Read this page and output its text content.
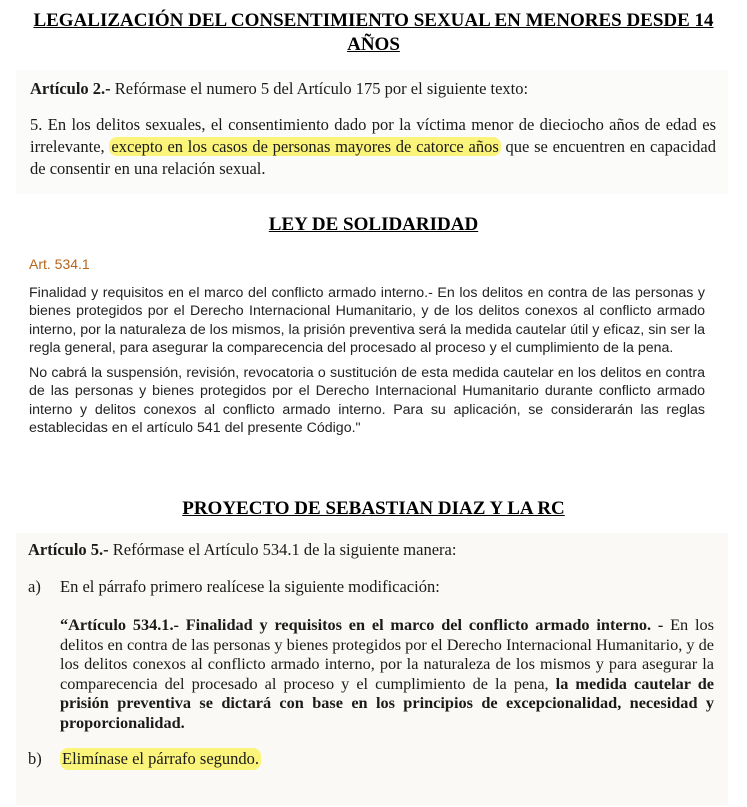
LEGALIZACIÓN DEL CONSENTIMIENTO SEXUAL EN MENORES DESDE 14 AÑOS

Artículo 2.- Refórmase el numero 5 del Artículo 175 por el siguiente texto:

5. En los delitos sexuales, el consentimiento dado por la víctima menor de dieciocho años de edad es irrelevante, excepto en los casos de personas mayores de catorce años que se encuentren en capacidad de consentir en una relación sexual.

LEY DE SOLIDARIDAD

Art. 534.1

Finalidad y requisitos en el marco del conflicto armado interno.- En los delitos en contra de las personas y bienes protegidos por el Derecho Internacional Humanitario, y de los delitos conexos al conflicto armado interno, por la naturaleza de los mismos, la prisión preventiva será la medida cautelar útil y eficaz, sin ser la regla general, para asegurar la comparecencia del procesado al proceso y el cumplimiento de la pena.

No cabrá la suspensión, revisión, revocatoria o sustitución de esta medida cautelar en los delitos en contra de las personas y bienes protegidos por el Derecho Internacional Humanitario durante conflicto armado interno y delitos conexos al conflicto armado interno. Para su aplicación, se considerarán las reglas establecidas en el artículo 541 del presente Código."

PROYECTO DE SEBASTIAN DIAZ Y LA RC

Artículo 5.- Refórmase el Artículo 534.1 de la siguiente manera:

a)	En el párrafo primero realícese la siguiente modificación:

“Artículo 534.1.- Finalidad y requisitos en el marco del conflicto armado interno. - En los delitos en contra de las personas y bienes protegidos por el Derecho Internacional Humanitario, y de los delitos conexos al conflicto armado interno, por la naturaleza de los mismos y para asegurar la comparecencia del procesado al proceso y el cumplimiento de la pena, la medida cautelar de prisión preventiva se dictará con base en los principios de excepcionalidad, necesidad y proporcionalidad.

b)	Elimínase el párrafo segundo.
